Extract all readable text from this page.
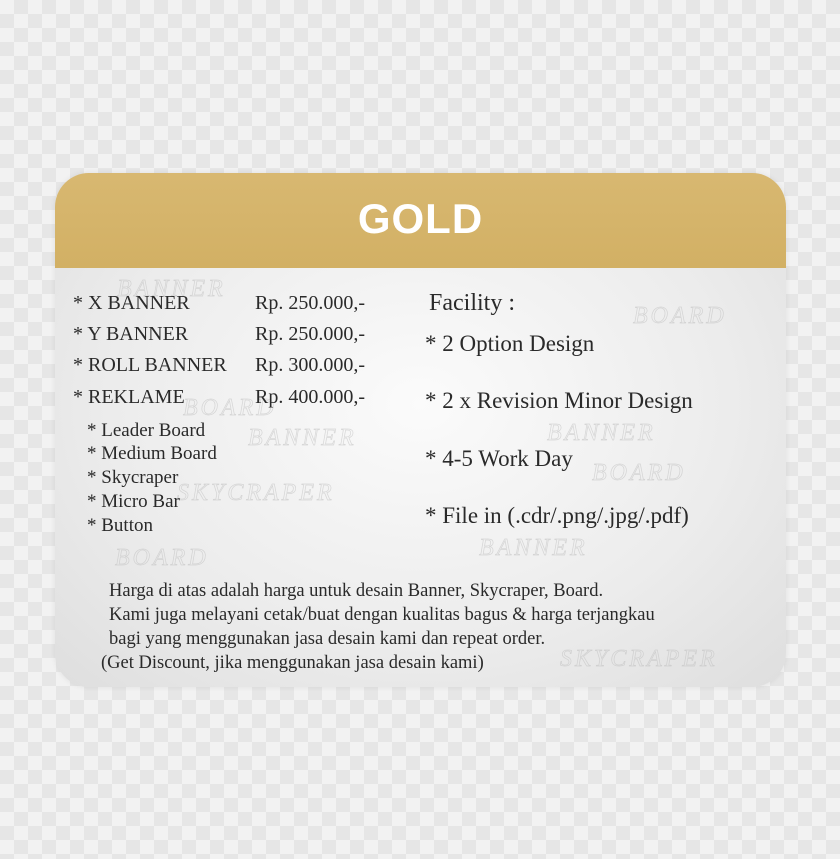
GOLD
BANNER
BOARD
BANNER
SKYCRAPER
BOARD
BOARD
BANNER
BOARD
BANNER
SKYCRAPER
* X BANNER	Rp. 250.000,-
* Y BANNER	Rp. 250.000,-
* ROLL BANNER Rp. 300.000,-
* REKLAME	Rp. 400.000,-
* Leader Board
* Medium Board
* Skycraper
* Micro Bar
* Button
Facility :
* 2 Option Design
* 2 x Revision Minor Design
* 4-5 Work Day
* File in (.cdr/.png/.jpg/.pdf)
Harga di atas adalah harga untuk desain Banner, Skycraper, Board.
Kami juga melayani cetak/buat dengan kualitas bagus & harga terjangkau
bagi yang menggunakan jasa desain kami dan repeat order.
(Get Discount, jika menggunakan jasa desain kami)
